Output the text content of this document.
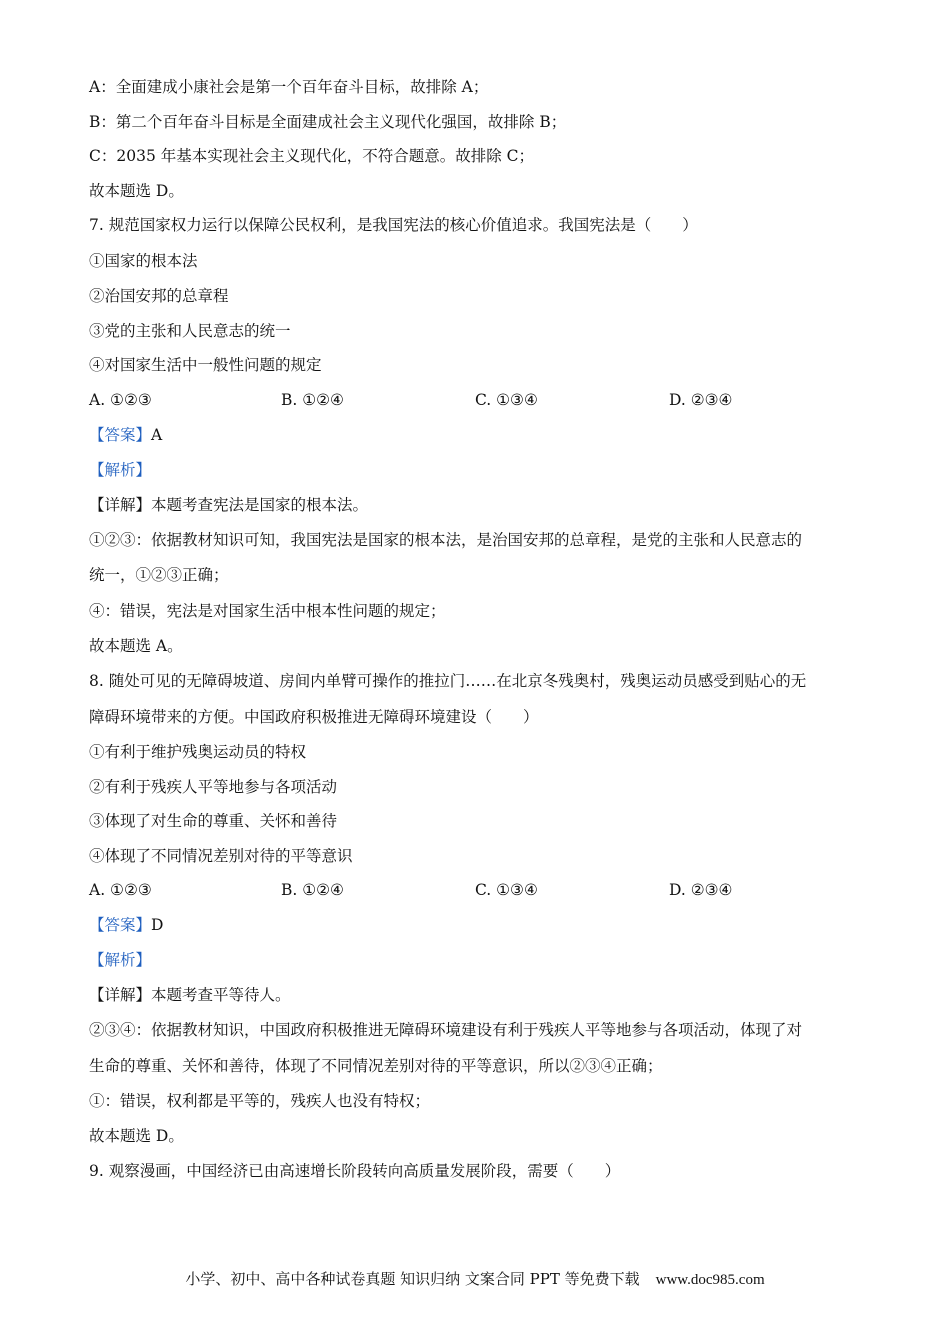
A：全面建成小康社会是第一个百年奋斗目标，故排除 A；
B：第二个百年奋斗目标是全面建成社会主义现代化强国，故排除 B；
C：2035 年基本实现社会主义现代化，不符合题意。故排除 C；
故本题选 D。
7. 规范国家权力运行以保障公民权利，是我国宪法的核心价值追求。我国宪法是（　　）
①国家的根本法
②治国安邦的总章程
③党的主张和人民意志的统一
④对国家生活中一般性问题的规定
A. ①②③	B. ①②④	C. ①③④	D. ②③④
【答案】A
【解析】
【详解】本题考查宪法是国家的根本法。
①②③：依据教材知识可知，我国宪法是国家的根本法，是治国安邦的总章程，是党的主张和人民意志的
统一，①②③正确；
④：错误，宪法是对国家生活中根本性问题的规定；
故本题选 A。
8. 随处可见的无障碍坡道、房间内单臂可操作的推拉门……在北京冬残奥村，残奥运动员感受到贴心的无
障碍环境带来的方便。中国政府积极推进无障碍环境建设（　　）
①有利于维护残奥运动员的特权
②有利于残疾人平等地参与各项活动
③体现了对生命的尊重、关怀和善待
④体现了不同情况差别对待的平等意识
A. ①②③	B. ①②④	C. ①③④	D. ②③④
【答案】D
【解析】
【详解】本题考查平等待人。
②③④：依据教材知识，中国政府积极推进无障碍环境建设有利于残疾人平等地参与各项活动，体现了对
生命的尊重、关怀和善待，体现了不同情况差别对待的平等意识，所以②③④正确；
①：错误，权利都是平等的，残疾人也没有特权；
故本题选 D。
9. 观察漫画，中国经济已由高速增长阶段转向高质量发展阶段，需要（　　）
小学、初中、高中各种试卷真题 知识归纳 文案合同 PPT 等免费下载 www.doc985.com
